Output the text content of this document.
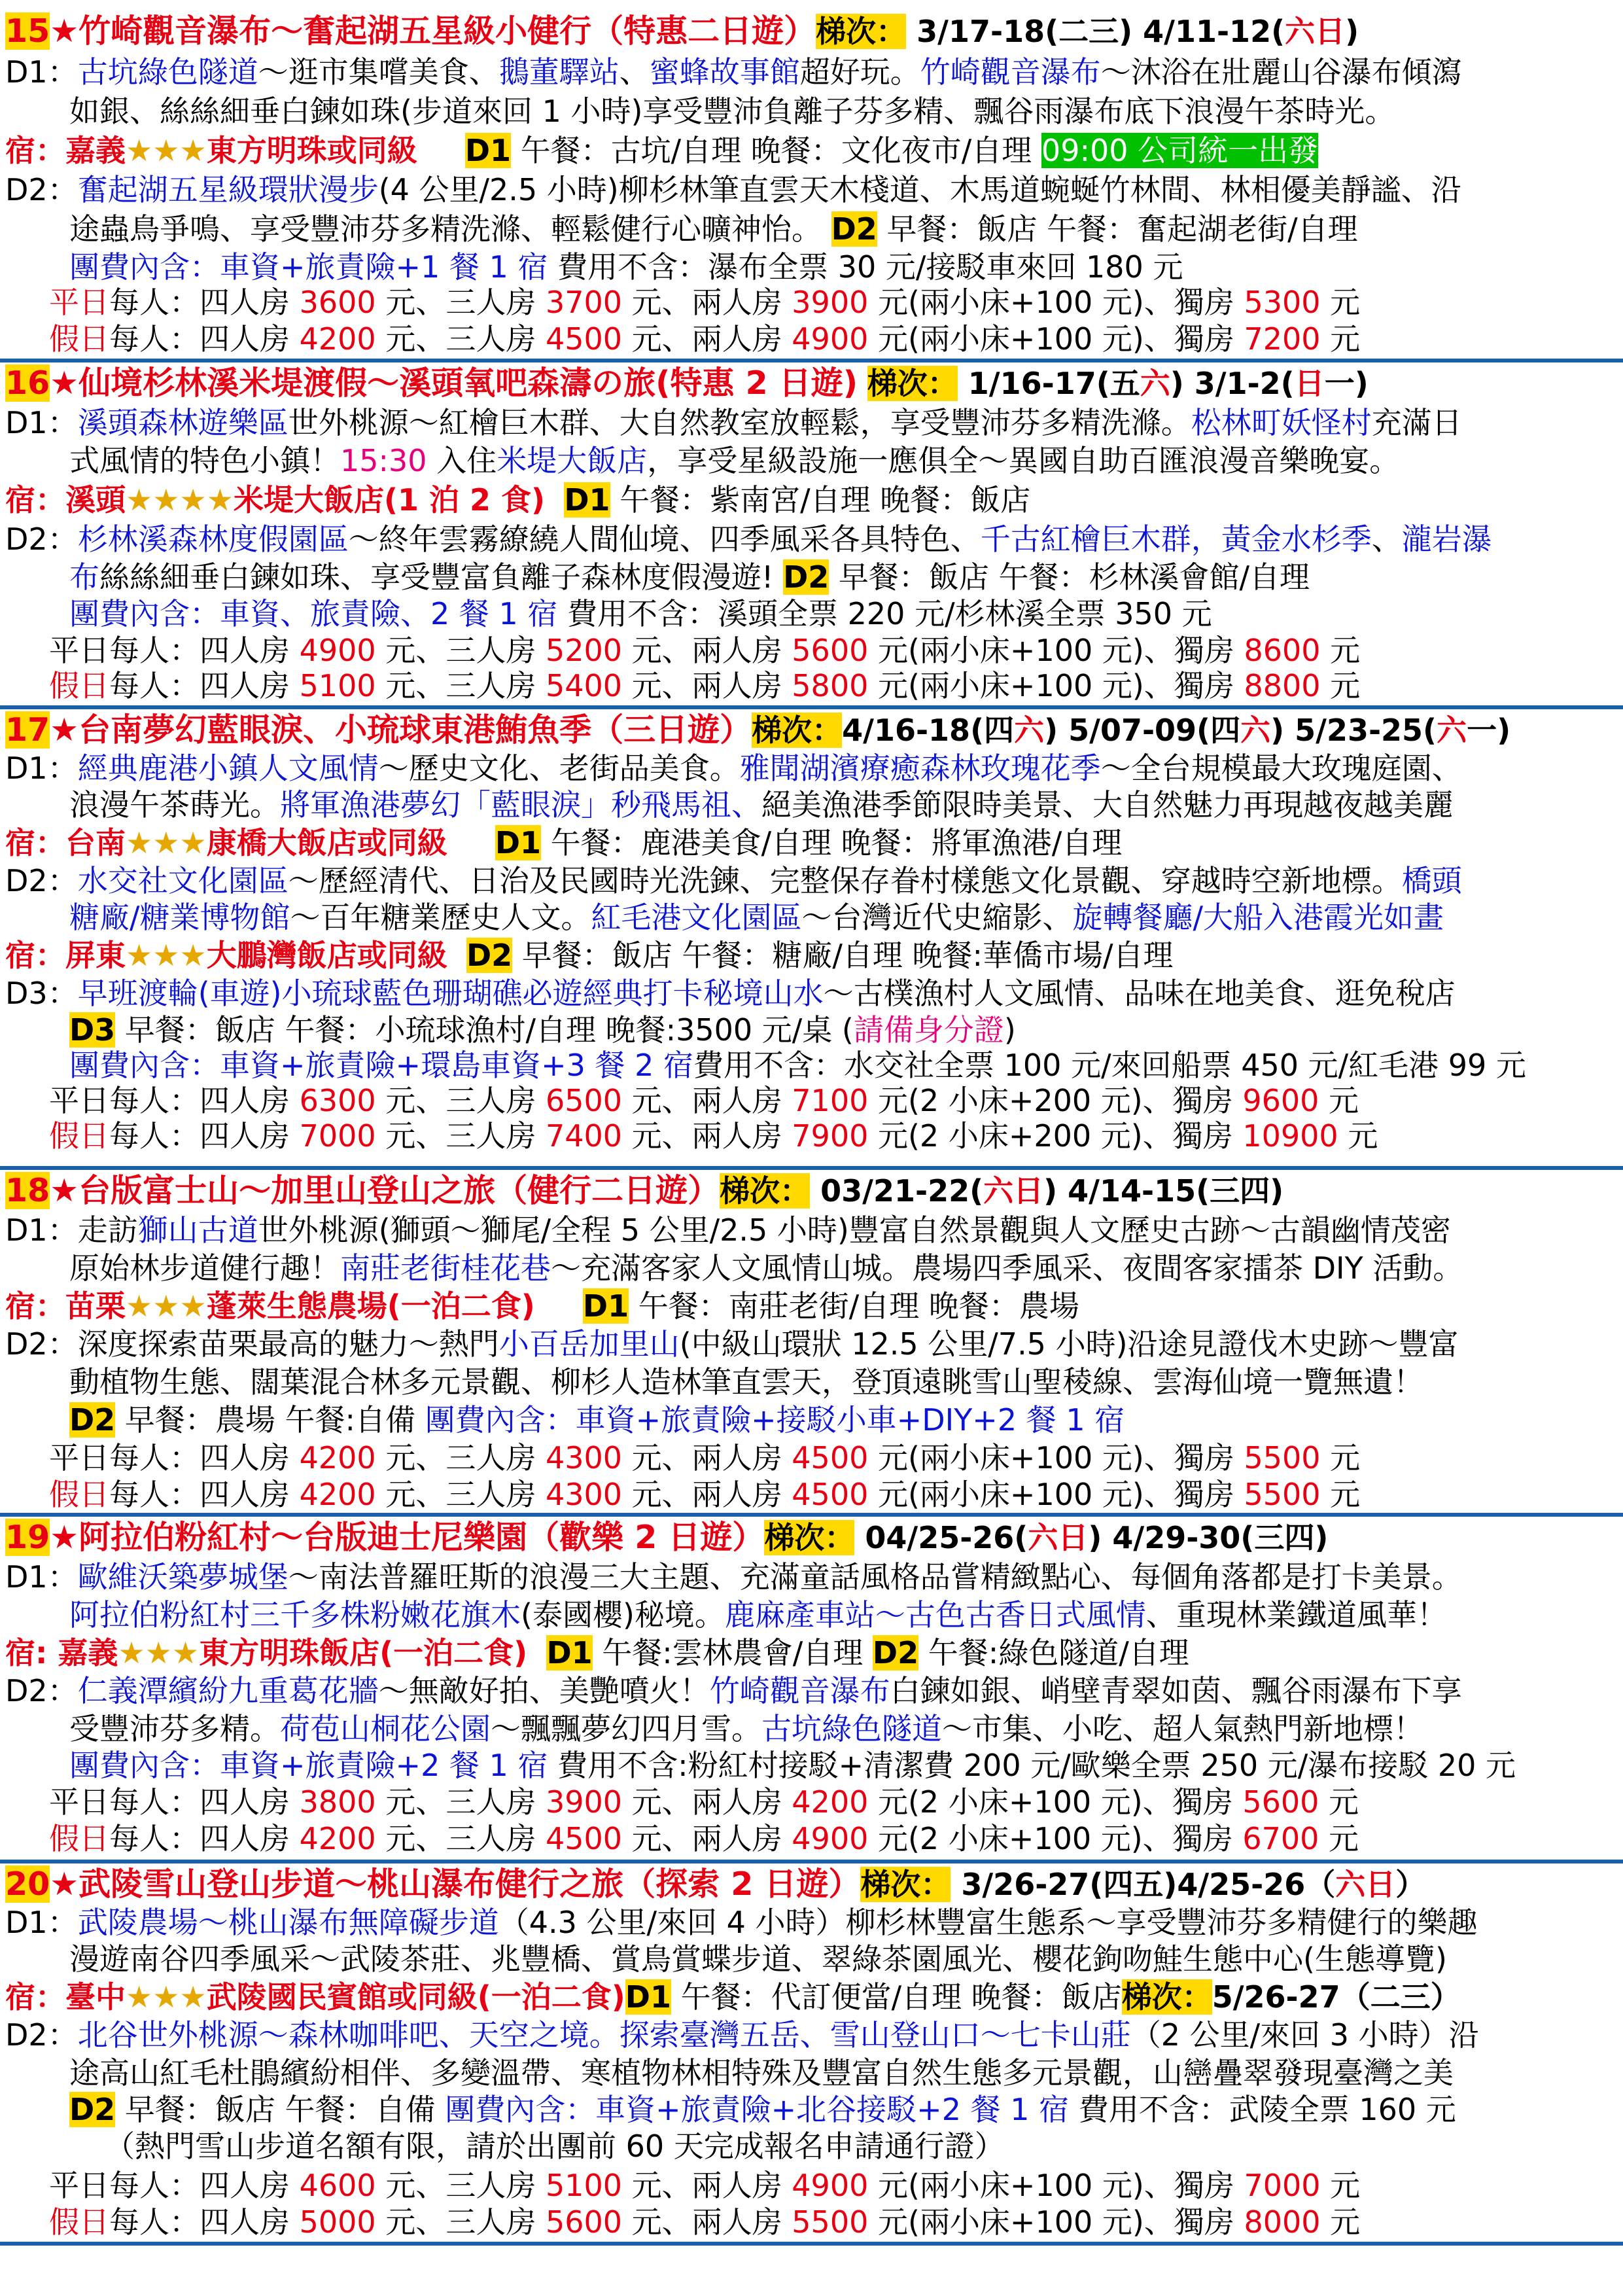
15★竹崎觀音瀑布～奮起湖五星級小健行（特惠二日遊）梯次： 3/17-18(二三) 4/11-12(六日)
D1：古坑綠色隧道～逛市集嚐美食、鵝董驛站、蜜蜂故事館超好玩。竹崎觀音瀑布～沐浴在壯麗山谷瀑布傾瀉
如銀、絲絲細垂白鍊如珠(步道來回 1 小時)享受豐沛負離子芬多精、飄谷雨瀑布底下浪漫午茶時光。
宿：嘉義★★★東方明珠或同級 D1 午餐：古坑/自理 晚餐：文化夜市/自理 09:00 公司統一出發
D2：奮起湖五星級環狀漫步(4 公里/2.5 小時)柳杉林筆直雲天木棧道、木馬道蜿蜒竹林間、林相優美靜謐、沿
途蟲鳥爭鳴、享受豐沛芬多精洗滌、輕鬆健行心曠神怡。 D2 早餐：飯店 午餐：奮起湖老街/自理
團費內含：車資+旅責險+1 餐 1 宿 費用不含：瀑布全票 30 元/接駁車來回 180 元
平日每人：四人房 3600 元、三人房 3700 元、兩人房 3900 元(兩小床+100 元)、獨房 5300 元
假日每人：四人房 4200 元、三人房 4500 元、兩人房 4900 元(兩小床+100 元)、獨房 7200 元
16★仙境杉林溪米堤渡假～溪頭氧吧森濤の旅(特惠 2 日遊) 梯次： 1/16-17(五六) 3/1-2(日一)
D1：溪頭森林遊樂區世外桃源～紅檜巨木群、大自然教室放輕鬆，享受豐沛芬多精洗滌。松林町妖怪村充滿日
式風情的特色小鎮！15:30 入住米堤大飯店，享受星級設施一應俱全～異國自助百匯浪漫音樂晚宴。
宿：溪頭★★★★米堤大飯店(1 泊 2 食) D1 午餐：紫南宮/自理 晚餐：飯店
D2：杉林溪森林度假園區～終年雲霧繚繞人間仙境、四季風采各具特色、千古紅檜巨木群，黃金水杉季、瀧岩瀑
布絲絲細垂白鍊如珠、享受豐富負離子森林度假漫遊! D2 早餐：飯店 午餐：杉林溪會館/自理
團費內含：車資、旅責險、2 餐 1 宿 費用不含：溪頭全票 220 元/杉林溪全票 350 元
平日每人：四人房 4900 元、三人房 5200 元、兩人房 5600 元(兩小床+100 元)、獨房 8600 元
假日每人：四人房 5100 元、三人房 5400 元、兩人房 5800 元(兩小床+100 元)、獨房 8800 元
17★台南夢幻藍眼淚、小琉球東港鮪魚季（三日遊）梯次：4/16-18(四六) 5/07-09(四六) 5/23-25(六一)
D1：經典鹿港小鎮人文風情～歷史文化、老街品美食。雅聞湖濱療癒森林玫瑰花季～全台規模最大玫瑰庭園、
浪漫午茶蒔光。將軍漁港夢幻「藍眼淚」秒飛馬祖、絕美漁港季節限時美景、大自然魅力再現越夜越美麗
宿：台南★★★康橋大飯店或同級 D1 午餐：鹿港美食/自理 晚餐：將軍漁港/自理
D2：水交社文化園區～歷經清代、日治及民國時光洗鍊、完整保存眷村樣態文化景觀、穿越時空新地標。橋頭
糖廠/糖業博物館～百年糖業歷史人文。紅毛港文化園區～台灣近代史縮影、旋轉餐廳/大船入港霞光如畫
宿：屏東★★★大鵬灣飯店或同級 D2 早餐：飯店 午餐：糖廠/自理 晚餐:華僑市場/自理
D3：早班渡輪(車遊)小琉球藍色珊瑚礁必遊經典打卡秘境山水～古樸漁村人文風情、品味在地美食、逛免稅店
D3 早餐：飯店 午餐：小琉球漁村/自理 晚餐:3500 元/桌 (請備身分證)
團費內含：車資+旅責險+環島車資+3 餐 2 宿費用不含：水交社全票 100 元/來回船票 450 元/紅毛港 99 元
平日每人：四人房 6300 元、三人房 6500 元、兩人房 7100 元(2 小床+200 元)、獨房 9600 元
假日每人：四人房 7000 元、三人房 7400 元、兩人房 7900 元(2 小床+200 元)、獨房 10900 元
18★台版富士山～加里山登山之旅（健行二日遊）梯次： 03/21-22(六日) 4/14-15(三四)
D1：走訪獅山古道世外桃源(獅頭～獅尾/全程 5 公里/2.5 小時)豐富自然景觀與人文歷史古跡～古韻幽情茂密
原始林步道健行趣！南莊老街桂花巷～充滿客家人文風情山城。農場四季風采、夜間客家擂茶 DIY 活動。
宿：苗栗★★★蓬萊生態農場(一泊二食) D1 午餐：南莊老街/自理 晚餐：農場
D2：深度探索苗栗最高的魅力～熱門小百岳加里山(中級山環狀 12.5 公里/7.5 小時)沿途見證伐木史跡～豐富
動植物生態、闊葉混合林多元景觀、柳杉人造林筆直雲天，登頂遠眺雪山聖稜線、雲海仙境一覽無遺！
D2 早餐：農場 午餐:自備 團費內含：車資+旅責險+接駁小車+DIY+2 餐 1 宿
平日每人：四人房 4200 元、三人房 4300 元、兩人房 4500 元(兩小床+100 元)、獨房 5500 元
假日每人：四人房 4200 元、三人房 4300 元、兩人房 4500 元(兩小床+100 元)、獨房 5500 元
19★阿拉伯粉紅村～台版迪士尼樂園（歡樂 2 日遊）梯次： 04/25-26(六日) 4/29-30(三四)
D1：歐維沃築夢城堡～南法普羅旺斯的浪漫三大主題、充滿童話風格品嘗精緻點心、每個角落都是打卡美景。
阿拉伯粉紅村三千多株粉嫩花旗木(泰國櫻)秘境。鹿麻產車站～古色古香日式風情、重現林業鐵道風華！
宿: 嘉義★★★東方明珠飯店(一泊二食) D1 午餐:雲林農會/自理 D2 午餐:綠色隧道/自理
D2：仁義潭繽紛九重葛花牆～無敵好拍、美艷噴火！竹崎觀音瀑布白鍊如銀、峭壁青翠如茵、飄谷雨瀑布下享
受豐沛芬多精。荷苞山桐花公園～飄飄夢幻四月雪。古坑綠色隧道～市集、小吃、超人氣熱門新地標！
團費內含：車資+旅責險+2 餐 1 宿 費用不含:粉紅村接駁+清潔費 200 元/歐樂全票 250 元/瀑布接駁 20 元
平日每人：四人房 3800 元、三人房 3900 元、兩人房 4200 元(2 小床+100 元)、獨房 5600 元
假日每人：四人房 4200 元、三人房 4500 元、兩人房 4900 元(2 小床+100 元)、獨房 6700 元
20★武陵雪山登山步道～桃山瀑布健行之旅（探索 2 日遊）梯次： 3/26-27(四五)4/25-26（六日）
D1：武陵農場～桃山瀑布無障礙步道（4.3 公里/來回 4 小時）柳杉林豐富生態系～享受豐沛芬多精健行的樂趣
漫遊南谷四季風采～武陵茶莊、兆豐橋、賞鳥賞蝶步道、翠綠茶園風光、櫻花鉤吻鮭生態中心(生態導覽)
宿：臺中★★★武陵國民賓館或同級(一泊二食)D1 午餐：代訂便當/自理 晚餐：飯店梯次：5/26-27（二三）
D2：北谷世外桃源～森林咖啡吧、天空之境。探索臺灣五岳、雪山登山口～七卡山莊（2 公里/來回 3 小時）沿
途高山紅毛杜鵑繽紛相伴、多變溫帶、寒植物林相特殊及豐富自然生態多元景觀，山巒疊翠發現臺灣之美
D2 早餐：飯店 午餐：自備 團費內含：車資+旅責險+北谷接駁+2 餐 1 宿 費用不含：武陵全票 160 元
（熱門雪山步道名額有限，請於出團前 60 天完成報名申請通行證）
平日每人：四人房 4600 元、三人房 5100 元、兩人房 4900 元(兩小床+100 元)、獨房 7000 元
假日每人：四人房 5000 元、三人房 5600 元、兩人房 5500 元(兩小床+100 元)、獨房 8000 元
